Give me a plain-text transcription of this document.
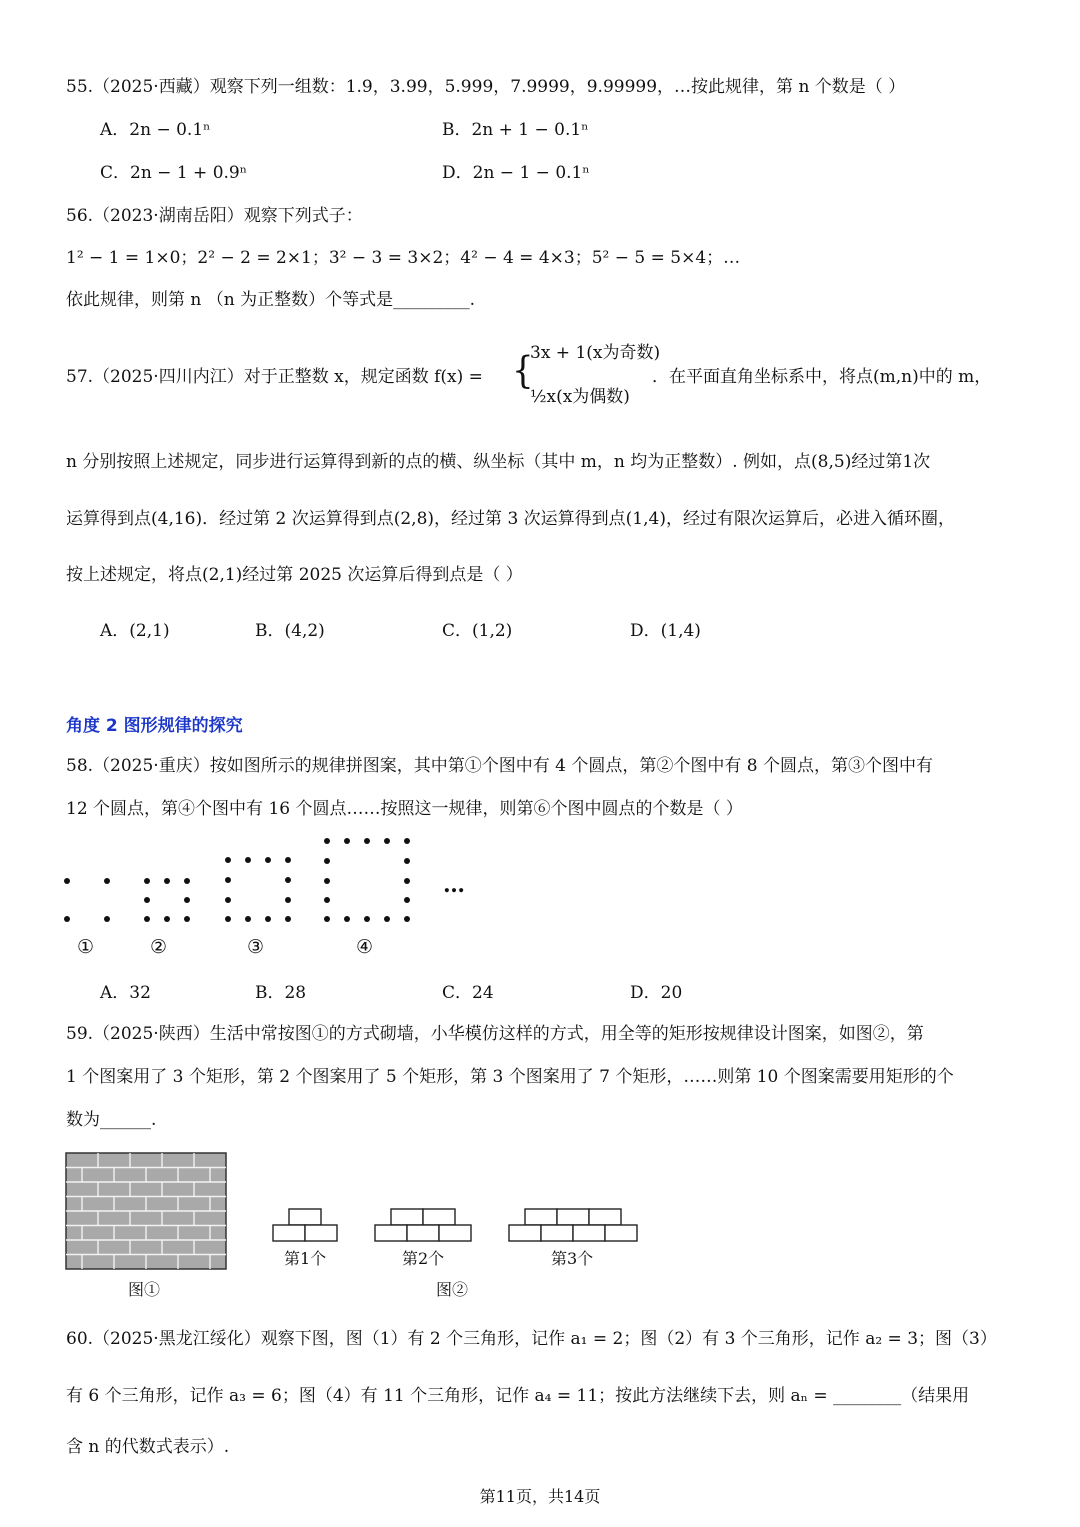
55.（2025·西藏）观察下列一组数：1.9，3.99，5.999，7.9999，9.99999，…按此规律，第 n 个数是（ ）
A．2n − 0.1ⁿ	B．2n + 1 − 0.1ⁿ
C．2n − 1 + 0.9ⁿ	D．2n − 1 − 0.1ⁿ
56.（2023·湖南岳阳）观察下列式子：
1² − 1 = 1×0；2² − 2 = 2×1；3² − 3 = 3×2；4² − 4 = 4×3；5² − 5 = 5×4；…
依此规律，则第 n （n 为正整数）个等式是_________.
57.（2025·四川内江）对于正整数 x，规定函数 f(x) = {
3x + 1(x为奇数)
½x(x为偶数)
．在平面直角坐标系中，将点(m,n)中的 m，
n 分别按照上述规定，同步进行运算得到新的点的横、纵坐标（其中 m，n 均为正整数）. 例如，点(8,5)经过第1次
运算得到点(4,16)．经过第 2 次运算得到点(2,8)，经过第 3 次运算得到点(1,4)，经过有限次运算后，必进入循环圈，
按上述规定，将点(2,1)经过第 2025 次运算后得到点是（ ）
A．(2,1)	B．(4,2)	C．(1,2)	D．(1,4)
角度 2 图形规律的探究
58.（2025·重庆）按如图所示的规律拼图案，其中第①个图中有 4 个圆点，第②个图中有 8 个圆点，第③个图中有
12 个圆点，第④个图中有 16 个圆点……按照这一规律，则第⑥个图中圆点的个数是（ ）
…
①	②	③	④
A．32	B．28	C．24	D．20
59.（2025·陕西）生活中常按图①的方式砌墙，小华模仿这样的方式，用全等的矩形按规律设计图案，如图②，第
1 个图案用了 3 个矩形，第 2 个图案用了 5 个矩形，第 3 个图案用了 7 个矩形，……则第 10 个图案需要用矩形的个
数为______.
图①
第1个	第2个	第3个
图②
60.（2025·黑龙江绥化）观察下图，图（1）有 2 个三角形，记作 a₁ = 2；图（2）有 3 个三角形，记作 a₂ = 3；图（3）
有 6 个三角形，记作 a₃ = 6；图（4）有 11 个三角形，记作 a₄ = 11；按此方法继续下去，则 aₙ = ________（结果用
含 n 的代数式表示）.
第11页，共14页
